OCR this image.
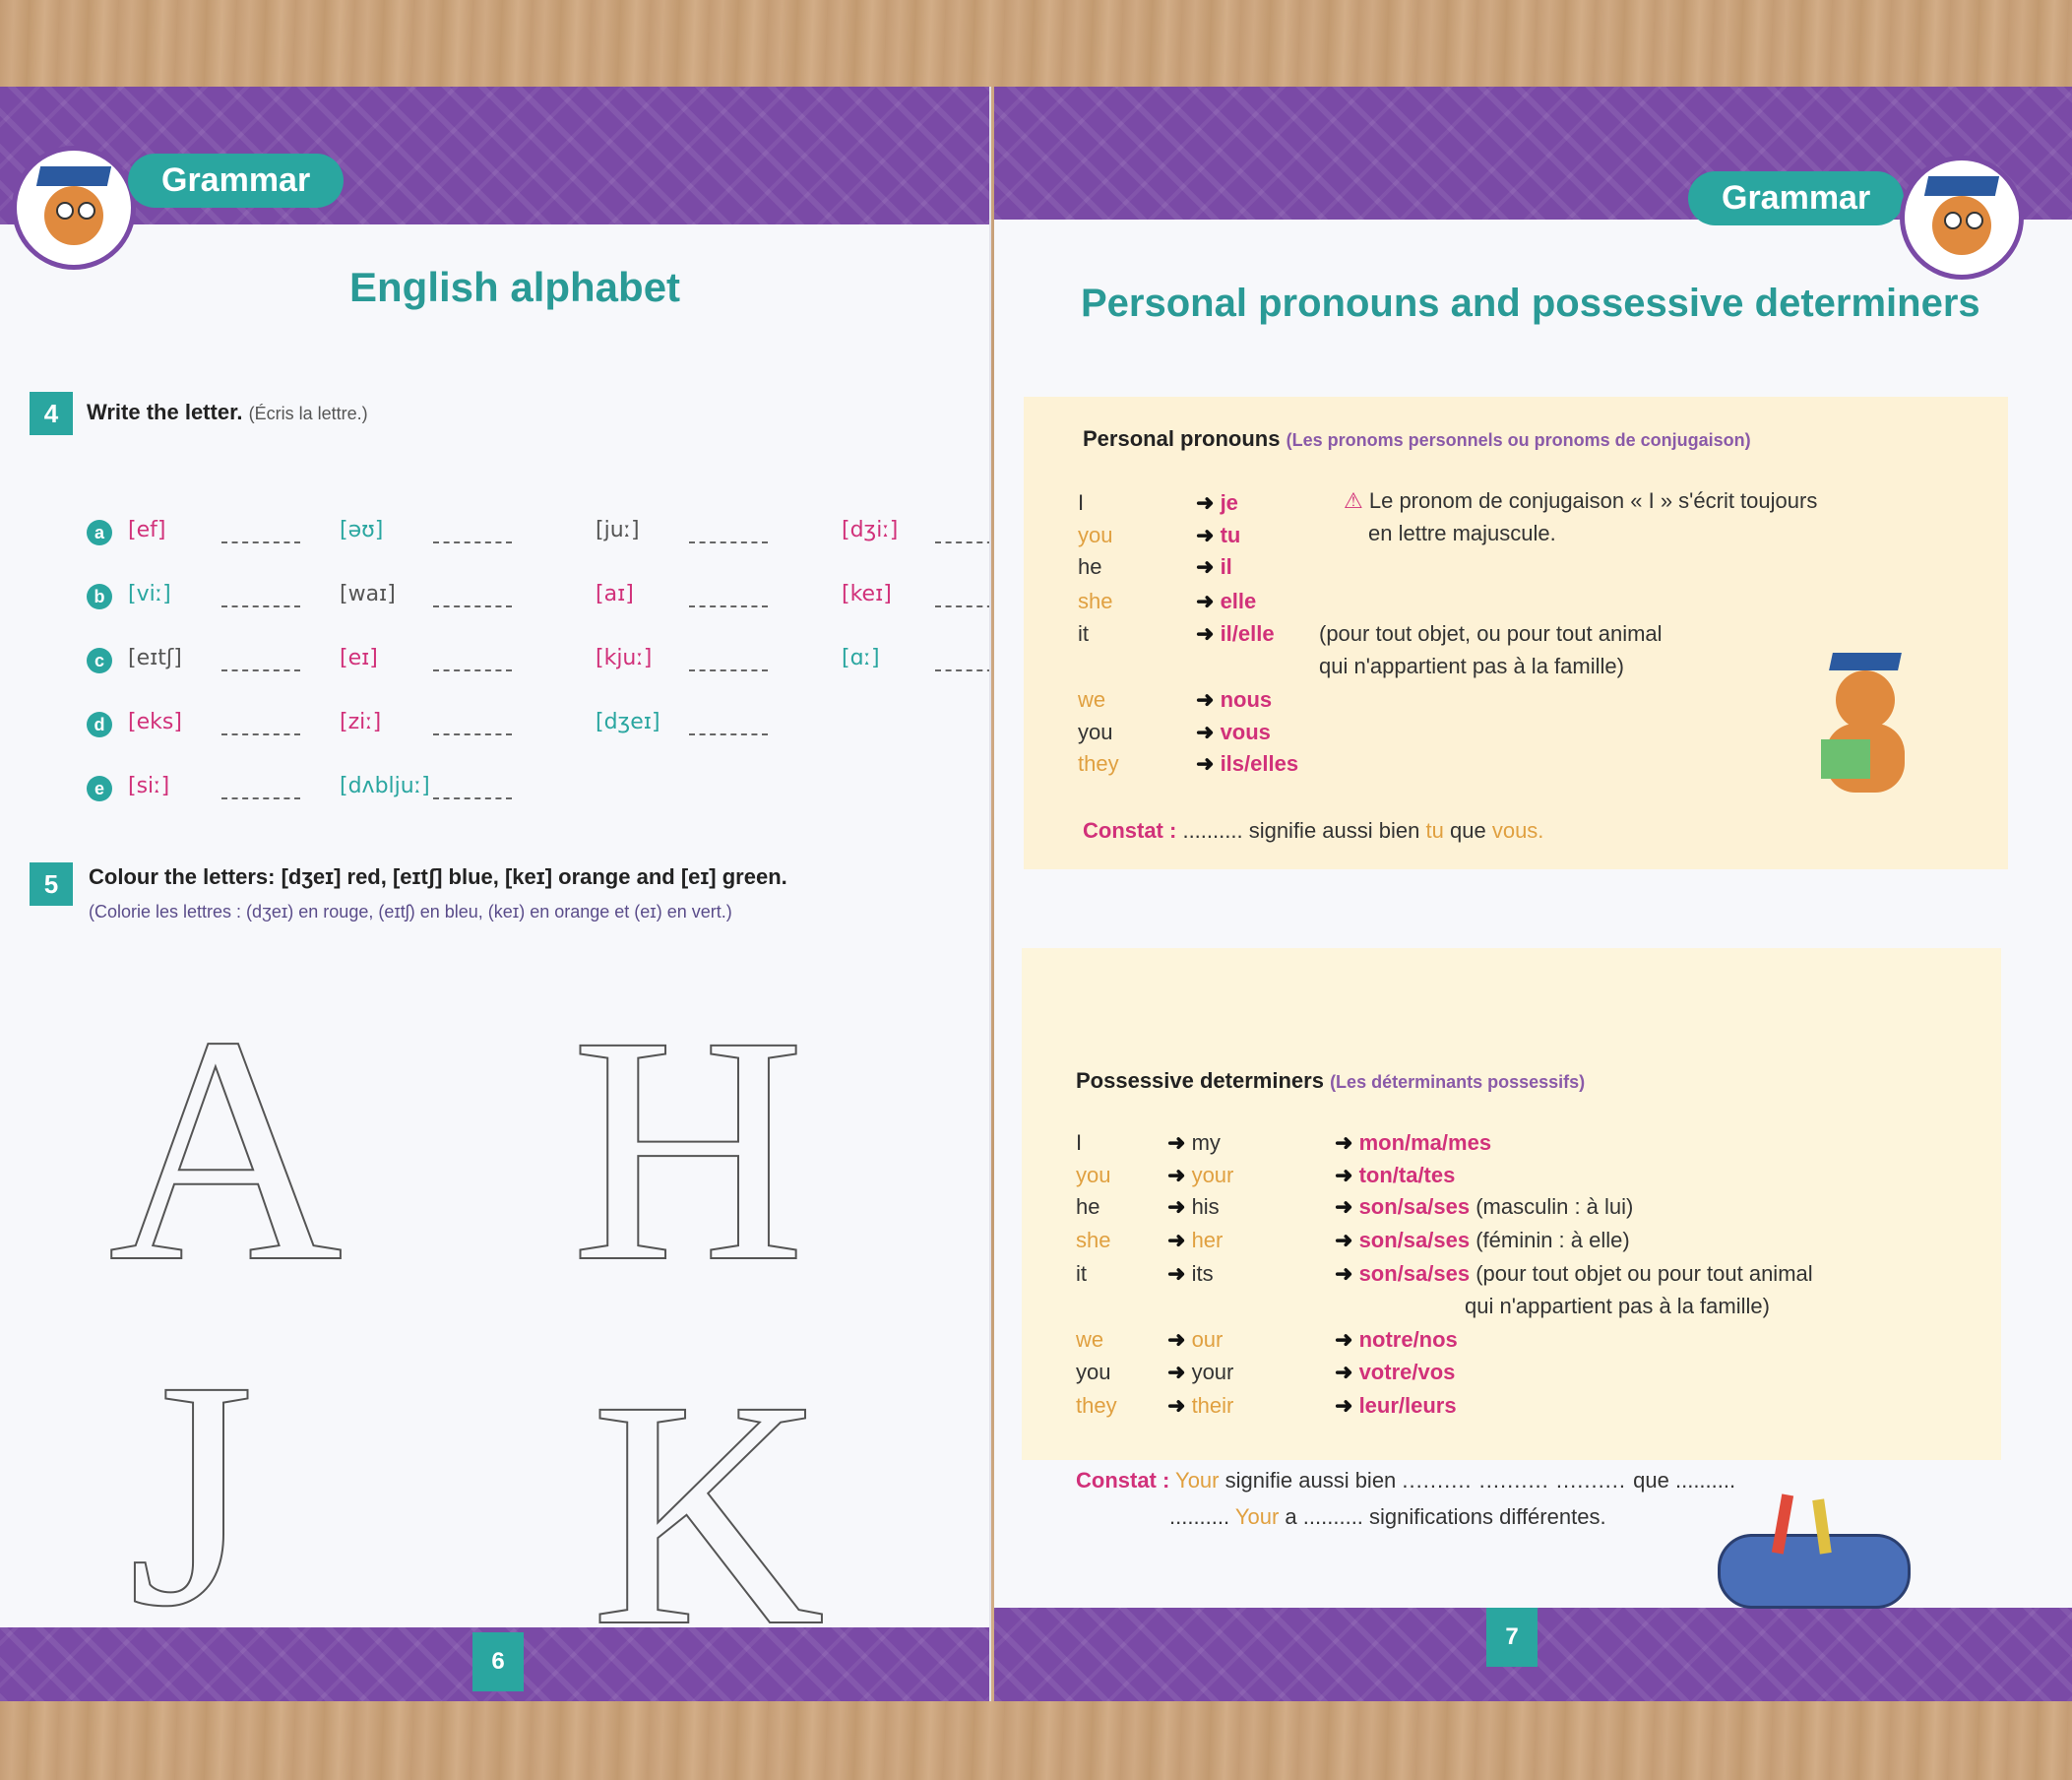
Grammar
English alphabet
4	Write the letter. (Écris la lettre.)
a	[ef]	[əʊ]	[juː]	[dʒiː]
b	[viː]	[waɪ]	[aɪ]	[keɪ]
c	[eɪtʃ]	[eɪ]	[kjuː]	[ɑː]
d	[eks]	[ziː]	[dʒeɪ]
e	[siː]	[dʌbljuː]
5	Colour the letters: [dʒeɪ] red, [eɪtʃ] blue, [keɪ] orange and [eɪ] green.
(Colorie les lettres : (dʒeɪ) en rouge, (eɪtʃ) en bleu, (keɪ) en orange et (eɪ) en vert.)
A H
J K
6
Grammar
Personal pronouns and possessive determiners
Personal pronouns (Les pronoms personnels ou pronoms de conjugaison)
I	➜ je
you	➜ tu
he	➜ il
she	➜ elle
it	➜ il/elle (pour tout objet, ou pour tout animal
qui n'appartient pas à la famille)
we	➜ nous
you	➜ vous
they	➜ ils/elles
⚠ Le pronom de conjugaison « I » s'écrit toujours
en lettre majuscule.
Constat : .......... signifie aussi bien tu que vous.
Possessive determiners (Les déterminants possessifs)
I	➜ my	➜ mon/ma/mes
you	➜ your	➜ ton/ta/tes
he	➜ his	➜ son/sa/ses (masculin : à lui)
she	➜ her	➜ son/sa/ses (féminin : à elle)
it	➜ its	➜ son/sa/ses (pour tout objet ou pour tout animal
qui n'appartient pas à la famille)
we	➜ our	➜ notre/nos
you	➜ your	➜ votre/vos
they ➜ their	➜ leur/leurs
Constat : Your signifie aussi bien .......... .......... .......... que ..........
.......... Your a .......... significations différentes.
7
